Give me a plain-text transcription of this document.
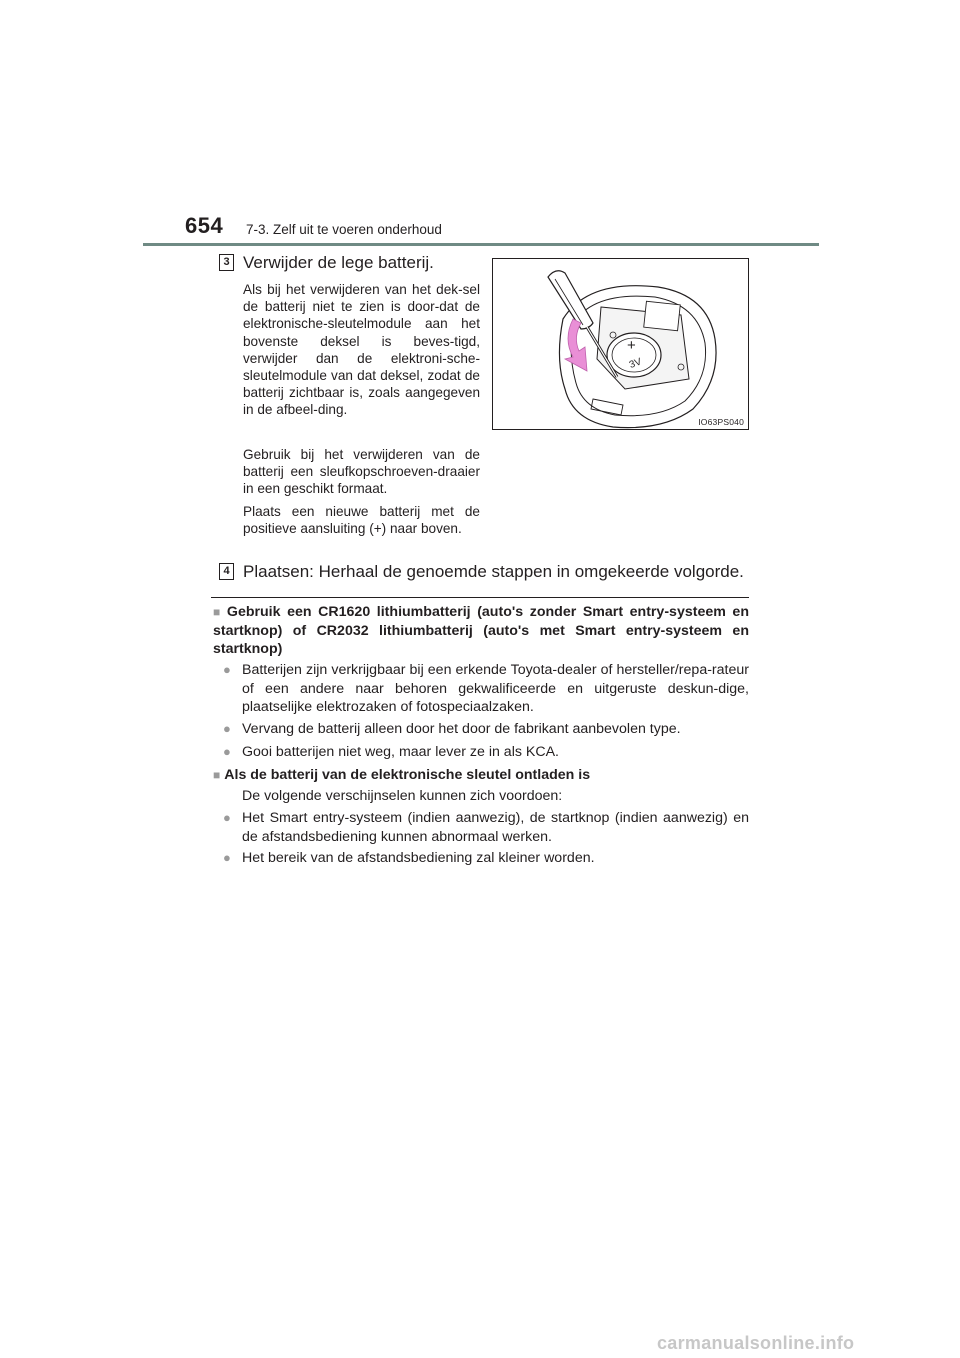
654 7-3. Zelf uit te voeren onderhoud
3 Verwijder de lege batterij.

Als bij het verwijderen van het dek-sel de batterij niet te zien is door-dat de elektronische-sleutelmodule aan het bovenste deksel is beves-tigd, verwijder dan de elektroni-sche-sleutelmodule van dat deksel, zodat de batterij zichtbaar is, zoals aangegeven in de afbeel-ding.

Gebruik bij het verwijderen van de batterij een sleufkopschroeven-draaier in een geschikt formaat.

Plaats een nieuwe batterij met de positieve aansluiting (+) naar boven.

+
3V
IO63PS040
4 Plaatsen: Herhaal de genoemde stappen in omgekeerde volgorde.
■ Gebruik een CR1620 lithiumbatterij (auto's zonder Smart entry-systeem en startknop) of CR2032 lithiumbatterij (auto's met Smart entry-systeem en startknop)
● Batterijen zijn verkrijgbaar bij een erkende Toyota-dealer of hersteller/repa-rateur of een andere naar behoren gekwalificeerde en uitgeruste deskun-dige, plaatselijke elektrozaken of fotospeciaalzaken.
● Vervang de batterij alleen door het door de fabrikant aanbevolen type.
● Gooi batterijen niet weg, maar lever ze in als KCA.
■ Als de batterij van de elektronische sleutel ontladen is
De volgende verschijnselen kunnen zich voordoen:
● Het Smart entry-systeem (indien aanwezig), de startknop (indien aanwezig) en de afstandsbediening kunnen abnormaal werken.
● Het bereik van de afstandsbediening zal kleiner worden.
carmanualsonline.info
